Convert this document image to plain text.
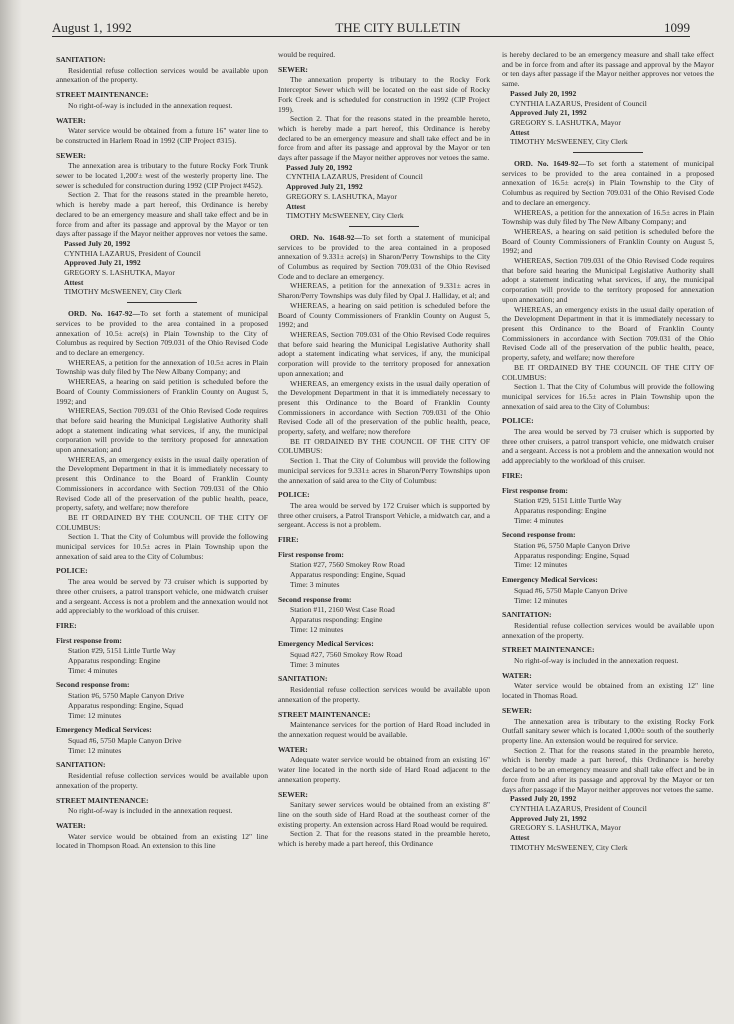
August 1, 1992	THE CITY BULLETIN	1099

SANITATION:

Residential refuse collection services would be available upon annexation of the property.

STREET MAINTENANCE:

No right-of-way is included in the annexation request.

WATER:

Water service would be obtained from a future 16" water line to be constructed in Harlem Road in 1992 (CIP Project #315).

SEWER:

The annexation area is tributary to the future Rocky Fork Trunk sewer to be located 1,200'± west of the westerly property line. The sewer is scheduled for construction during 1992 (CIP Project #452).

Section 2. That for the reasons stated in the preamble hereto, which is hereby made a part hereof, this Ordinance is hereby declared to be an emergency measure and shall take effect and be in force from and after its passage and approval by the Mayor or ten days after passage if the Mayor neither approves nor vetoes the same.

Passed July 20, 1992

CYNTHIA LAZARUS, President of Council

Approved July 21, 1992

GREGORY S. LASHUTKA, Mayor

Attest

TIMOTHY McSWEENEY, City Clerk

ORD. No. 1647-92—To set forth a statement of municipal services to be provided to the area contained in a proposed annexation of 10.5± acre(s) in Plain Township to the City of Columbus as required by Section 709.031 of the Ohio Revised Code and to declare an emergency.

WHEREAS, a petition for the annexation of 10.5± acres in Plain Township was duly filed by The New Albany Company; and

WHEREAS, a hearing on said petition is scheduled before the Board of County Commissioners of Franklin County on August 5, 1992; and

WHEREAS, Section 709.031 of the Ohio Revised Code requires that before said hearing the Municipal Legislative Authority shall adopt a statement indicating what services, if any, the municipal corporation will provide to the territory proposed for annexation upon annexation; and

WHEREAS, an emergency exists in the usual daily operation of the Development Department in that it is immediately necessary to present this Ordinance to the Board of Franklin County Commissioners in accordance with Section 709.031 of the Ohio Revised Code all of the preservation of the public health, peace, property, safety, and welfare; now therefore

BE IT ORDAINED BY THE COUNCIL OF THE CITY OF COLUMBUS:

Section 1. That the City of Columbus will provide the following municipal services for 10.5± acres in Plain Township upon the annexation of said area to the City of Columbus:

POLICE:

The area would be served by 73 cruiser which is supported by three other cruisers, a patrol transport vehicle, one midwatch cruiser and a sergeant. Access is not a problem and the annexation would not add appreciably to the workload of this cruiser.

FIRE:

First response from:

Station #29, 5151 Little Turtle Way

Apparatus responding: Engine

Time: 4 minutes

Second response from:

Station #6, 5750 Maple Canyon Drive

Apparatus responding: Engine, Squad

Time: 12 minutes

Emergency Medical Services:

Squad #6, 5750 Maple Canyon Drive

Time: 12 minutes

SANITATION:

Residential refuse collection services would be available upon annexation of the property.

STREET MAINTENANCE:

No right-of-way is included in the annexation request.

WATER:

Water service would be obtained from an existing 12" line located in Thompson Road. An extension to this line

would be required.

SEWER:

The annexation property is tributary to the Rocky Fork Interceptor Sewer which will be located on the east side of Rocky Fork Creek and is scheduled for construction in 1992 (CIP Project 199).

Section 2. That for the reasons stated in the preamble hereto, which is hereby made a part hereof, this Ordinance is hereby declared to be an emergency measure and shall take effect and be in force from and after its passage and approval by the Mayor or ten days after passage if the Mayor neither approves nor vetoes the same.

Passed July 20, 1992

CYNTHIA LAZARUS, President of Council

Approved July 21, 1992

GREGORY S. LASHUTKA, Mayor

Attest

TIMOTHY McSWEENEY, City Clerk

ORD. No. 1648-92—To set forth a statement of municipal services to be provided to the area contained in a proposed annexation of 9.331± acre(s) in Sharon/Perry Townships to the City of Columbus as required by Section 709.031 of the Ohio Revised Code and to declare an emergency.

WHEREAS, a petition for the annexation of 9.331± acres in Sharon/Perry Townships was duly filed by Opal J. Halliday, et al; and

WHEREAS, a hearing on said petition is scheduled before the Board of County Commissioners of Franklin County on August 5, 1992; and

WHEREAS, Section 709.031 of the Ohio Revised Code requires that before said hearing the Municipal Legislative Authority shall adopt a statement indicating what services, if any, the municipal corporation will provide to the territory proposed for annexation upon annexation; and

WHEREAS, an emergency exists in the usual daily operation of the Development Department in that it is immediately necessary to present this Ordinance to the Board of Franklin County Commissioners in accordance with Section 709.031 of the Ohio Revised Code all of the preservation of the public health, peace, property, safety, and welfare; now therefore

BE IT ORDAINED BY THE COUNCIL OF THE CITY OF COLUMBUS:

Section 1. That the City of Columbus will provide the following municipal services for 9.331± acres in Sharon/Perry Townships upon the annexation of said area to the City of Columbus:

POLICE:

The area would be served by 172 Cruiser which is supported by three other cruisers, a Patrol Transport Vehicle, a midwatch car, and a sergeant. Access is not a problem.

FIRE:

First response from:

Station #27, 7560 Smokey Row Road

Apparatus responding: Engine, Squad

Time: 3 minutes

Second response from:

Station #11, 2160 West Case Road

Apparatus responding: Engine

Time: 12 minutes

Emergency Medical Services:

Squad #27, 7560 Smokey Row Road

Time: 3 minutes

SANITATION:

Residential refuse collection services would be available upon annexation of the property.

STREET MAINTENANCE:

Maintenance services for the portion of Hard Road included in the annexation request would be available.

WATER:

Adequate water service would be obtained from an existing 16" water line located in the north side of Hard Road adjacent to the annexation property.

SEWER:

Sanitary sewer services would be obtained from an existing 8" line on the south side of Hard Road at the southeast corner of the existing property. An extension across Hard Road would be required.

Section 2. That for the reasons stated in the preamble hereto, which is hereby made a part hereof, this Ordinance

is hereby declared to be an emergency measure and shall take effect and be in force from and after its passage and approval by the Mayor or ten days after passage if the Mayor neither approves nor vetoes the same.

Passed July 20, 1992

CYNTHIA LAZARUS, President of Council

Approved July 21, 1992

GREGORY S. LASHUTKA, Mayor

Attest

TIMOTHY McSWEENEY, City Clerk

ORD. No. 1649-92—To set forth a statement of municipal services to be provided to the area contained in a proposed annexation of 16.5± acre(s) in Plain Township to the City of Columbus as required by Section 709.031 of the Ohio Revised Code and to declare an emergency.

WHEREAS, a petition for the annexation of 16.5± acres in Plain Township was duly filed by The New Albany Company; and

WHEREAS, a hearing on said petition is scheduled before the Board of County Commissioners of Franklin County on August 5, 1992; and

WHEREAS, Section 709.031 of the Ohio Revised Code requires that before said hearing the Municipal Legislative Authority shall adopt a statement indicating what services, if any, the municipal corporation will provide to the territory proposed for annexation upon annexation; and

WHEREAS, an emergency exists in the usual daily operation of the Development Department in that it is immediately necessary to present this Ordinance to the Board of Franklin County Commissioners in accordance with Section 709.031 of the Ohio Revised Code all of the preservation of the public health, peace, property, safety, and welfare; now therefore

BE IT ORDAINED BY THE COUNCIL OF THE CITY OF COLUMBUS:

Section 1. That the City of Columbus will provide the following municipal services for 16.5± acres in Plain Township upon the annexation of said area to the City of Columbus:

POLICE:

The area would be served by 73 cruiser which is supported by three other cruisers, a patrol transport vehicle, one midwatch cruiser and a sergeant. Access is not a problem and the annexation would not add appreciably to the workload of this cruiser.

FIRE:

First response from:

Station #29, 5151 Little Turtle Way

Apparatus responding: Engine

Time: 4 minutes

Second response from:

Station #6, 5750 Maple Canyon Drive

Apparatus responding: Engine, Squad

Time: 12 minutes

Emergency Medical Services:

Squad #6, 5750 Maple Canyon Drive

Time: 12 minutes

SANITATION:

Residential refuse collection services would be available upon annexation of the property.

STREET MAINTENANCE:

No right-of-way is included in the annexation request.

WATER:

Water service would be obtained from an existing 12" line located in Thomas Road.

SEWER:

The annexation area is tributary to the existing Rocky Fork Outfall sanitary sewer which is located 1,000± south of the southerly property line. An extension would be required for service.

Section 2. That for the reasons stated in the preamble hereto, which is hereby made a part hereof, this Ordinance is hereby declared to be an emergency measure and shall take effect and be in force from and after its passage and approval by the Mayor or ten days after passage if the Mayor neither approves nor vetoes the same.

Passed July 20, 1992

CYNTHIA LAZARUS, President of Council

Approved July 21, 1992

GREGORY S. LASHUTKA, Mayor

Attest

TIMOTHY McSWEENEY, City Clerk
